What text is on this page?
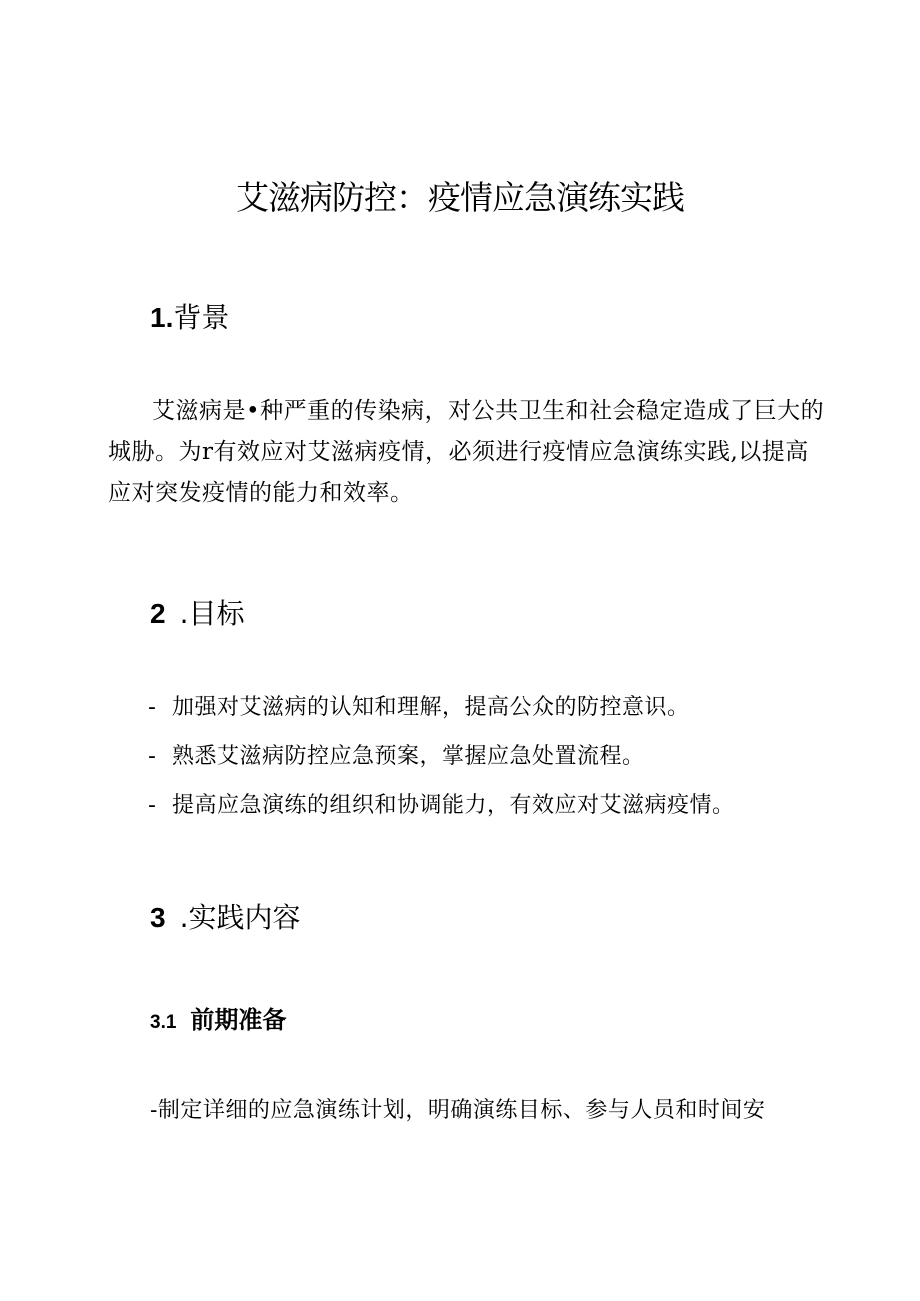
艾滋病防控：疫情应急演练实践
1.背景

艾滋病是•种严重的传染病，对公共卫生和社会稳定造成了巨大的城胁。为r有效应对艾滋病疫情，必须进行疫情应急演练实践,以提高应对突发疫情的能力和效率。

2 .目标
- 加强对艾滋病的认知和理解，提高公众的防控意识。
- 熟悉艾滋病防控应急预案，掌握应急处置流程。
- 提高应急演练的组织和协调能力，有效应对艾滋病疫情。
3 .实践内容
3.1 前期准备

-制定详细的应急演练计划，明确演练目标、参与人员和时间安
